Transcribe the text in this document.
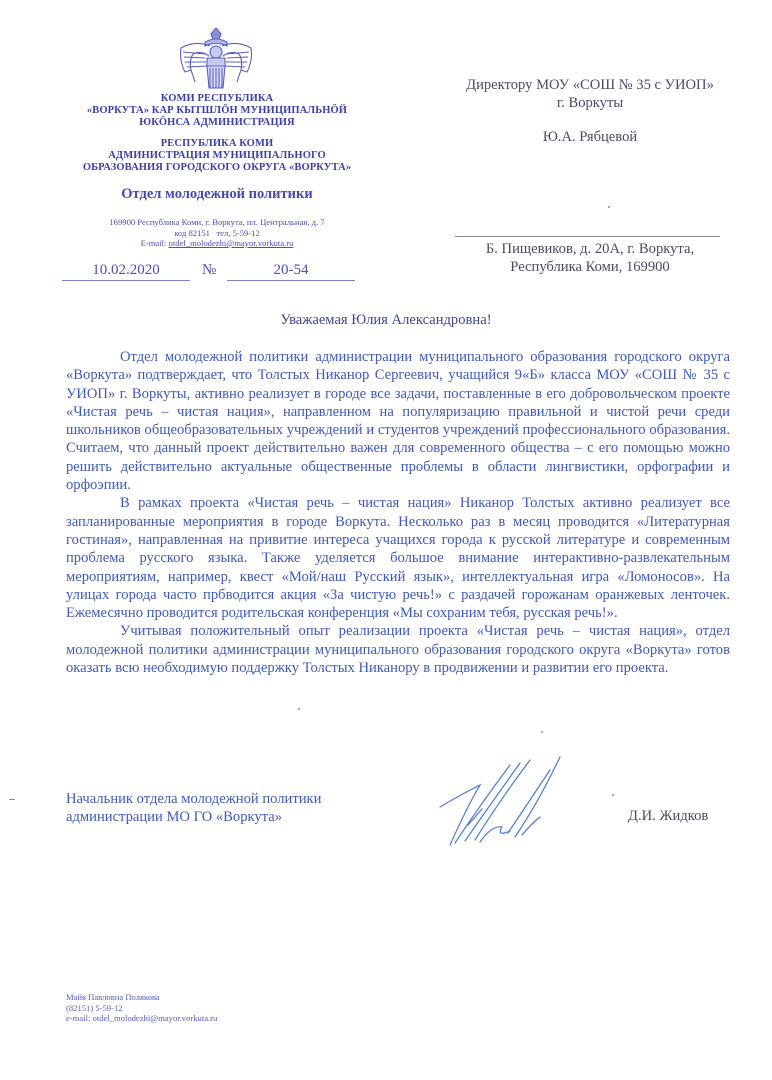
КОМИ РЕСПУБЛИКА
«ВОРКУТА» КАР КЫТШЛӦН МУНИЦИПАЛЬНӦЙ
ЮКӦНСА АДМИНИСТРАЦИЯ
РЕСПУБЛИКА КОМИ
АДМИНИСТРАЦИЯ МУНИЦИПАЛЬНОГО
ОБРАЗОВАНИЯ ГОРОДСКОГО ОКРУГА «ВОРКУТА»
Отдел молодежной политики
169900 Республика Коми, г. Воркута, пл. Центральная, д. 7
код 82151   тел. 5-59-12
E-mail: otdel_molodezhi@mayor.vorkuta.ru
10.02.2020	№	20-54
Директору МОУ «СОШ № 35 с УИОП»
г. Воркуты
Ю.А. Рябцевой
Б. Пищевиков, д. 20А, г. Воркута,
Республика Коми, 169900
Уважаемая Юлия Александровна!

Отдел молодежной политики администрации муниципального образования городского округа «Воркута» подтверждает, что Толстых Никанор Сергеевич, учащийся 9«Б» класса МОУ «СОШ № 35 с УИОП» г. Воркуты, активно реализует в городе все задачи, поставленные в его добровольческом проекте «Чистая речь – чистая нация», направленном на популяризацию правильной и чистой речи среди школьников общеобразовательных учреждений и студентов учреждений профессионального образования. Считаем, что данный проект действительно важен для современного общества – с его помощью можно решить действительно актуальные общественные проблемы в области лингвистики, орфографии и орфоэпии.

В рамках проекта «Чистая речь – чистая нация» Никанор Толстых активно реализует все запланированные мероприятия в городе Воркута. Несколько раз в месяц проводится «Литературная гостиная», направленная на привитие интереса учащихся города к русской литературе и современным проблема русского языка. Также уделяется большое внимание интерактивно-развлекательным мероприятиям, например, квест «Мой/наш Русский язык», интеллектуальная игра «Ломоносов». На улицах города часто прбводится акция «За чистую речь!» с раздачей горожанам оранжевых ленточек. Ежемесячно проводится родительская конференция «Мы сохраним тебя, русская речь!».

Учитывая положительный опыт реализации проекта «Чистая речь – чистая нация», отдел молодежной политики администрации муниципального образования городского округа «Воркута» готов оказать всю необходимую поддержку Толстых Никанору в продвижении и развитии его проекта.

Начальник отдела молодежной политики
администрации МО ГО «Воркута»	Д.И. Жидков
Майя Павловна Полякова
(82151) 5-59-12
e-mail: otdel_molodezhi@mayor.vorkuta.ru
